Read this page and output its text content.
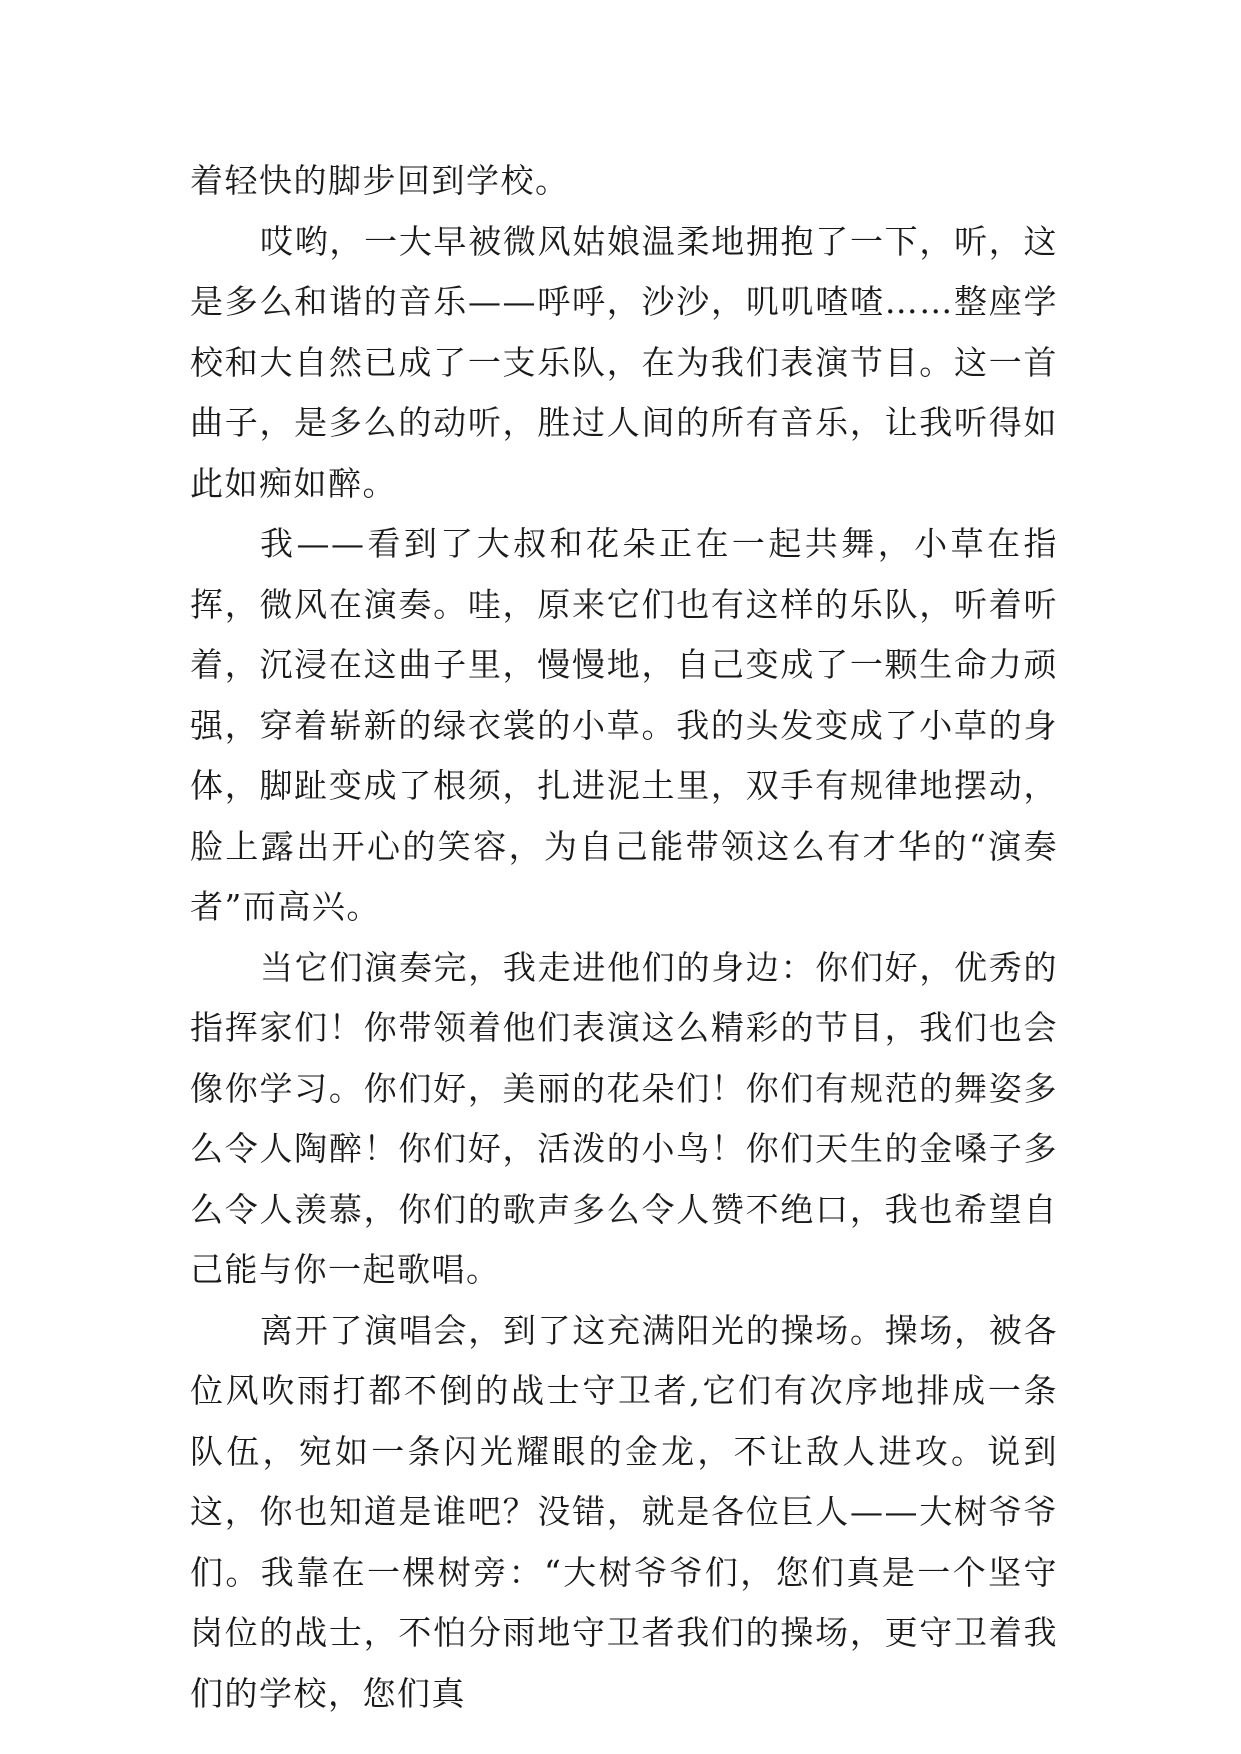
着轻快的脚步回到学校。

哎哟，一大早被微风姑娘温柔地拥抱了一下，听，这是多么和谐的音乐——呼呼，沙沙，叽叽喳喳……整座学校和大自然已成了一支乐队，在为我们表演节目。这一首曲子，是多么的动听，胜过人间的所有音乐，让我听得如此如痴如醉。

我——看到了大叔和花朵正在一起共舞，小草在指挥，微风在演奏。哇，原来它们也有这样的乐队，听着听着，沉浸在这曲子里，慢慢地，自己变成了一颗生命力顽强，穿着崭新的绿衣裳的小草。我的头发变成了小草的身体，脚趾变成了根须，扎进泥土里，双手有规律地摆动，脸上露出开心的笑容，为自己能带领这么有才华的“演奏者”而高兴。

当它们演奏完，我走进他们的身边：你们好，优秀的指挥家们！你带领着他们表演这么精彩的节目，我们也会像你学习。你们好，美丽的花朵们！你们有规范的舞姿多么令人陶醉！你们好，活泼的小鸟！你们天生的金嗓子多么令人羡慕，你们的歌声多么令人赞不绝口，我也希望自己能与你一起歌唱。

离开了演唱会，到了这充满阳光的操场。操场，被各位风吹雨打都不倒的战士守卫者,它们有次序地排成一条队伍，宛如一条闪光耀眼的金龙，不让敌人进攻。说到这，你也知道是谁吧？没错，就是各位巨人——大树爷爷们。我靠在一棵树旁：“大树爷爷们，您们真是一个坚守岗位的战士，不怕分雨地守卫者我们的操场，更守卫着我们的学校，您们真
